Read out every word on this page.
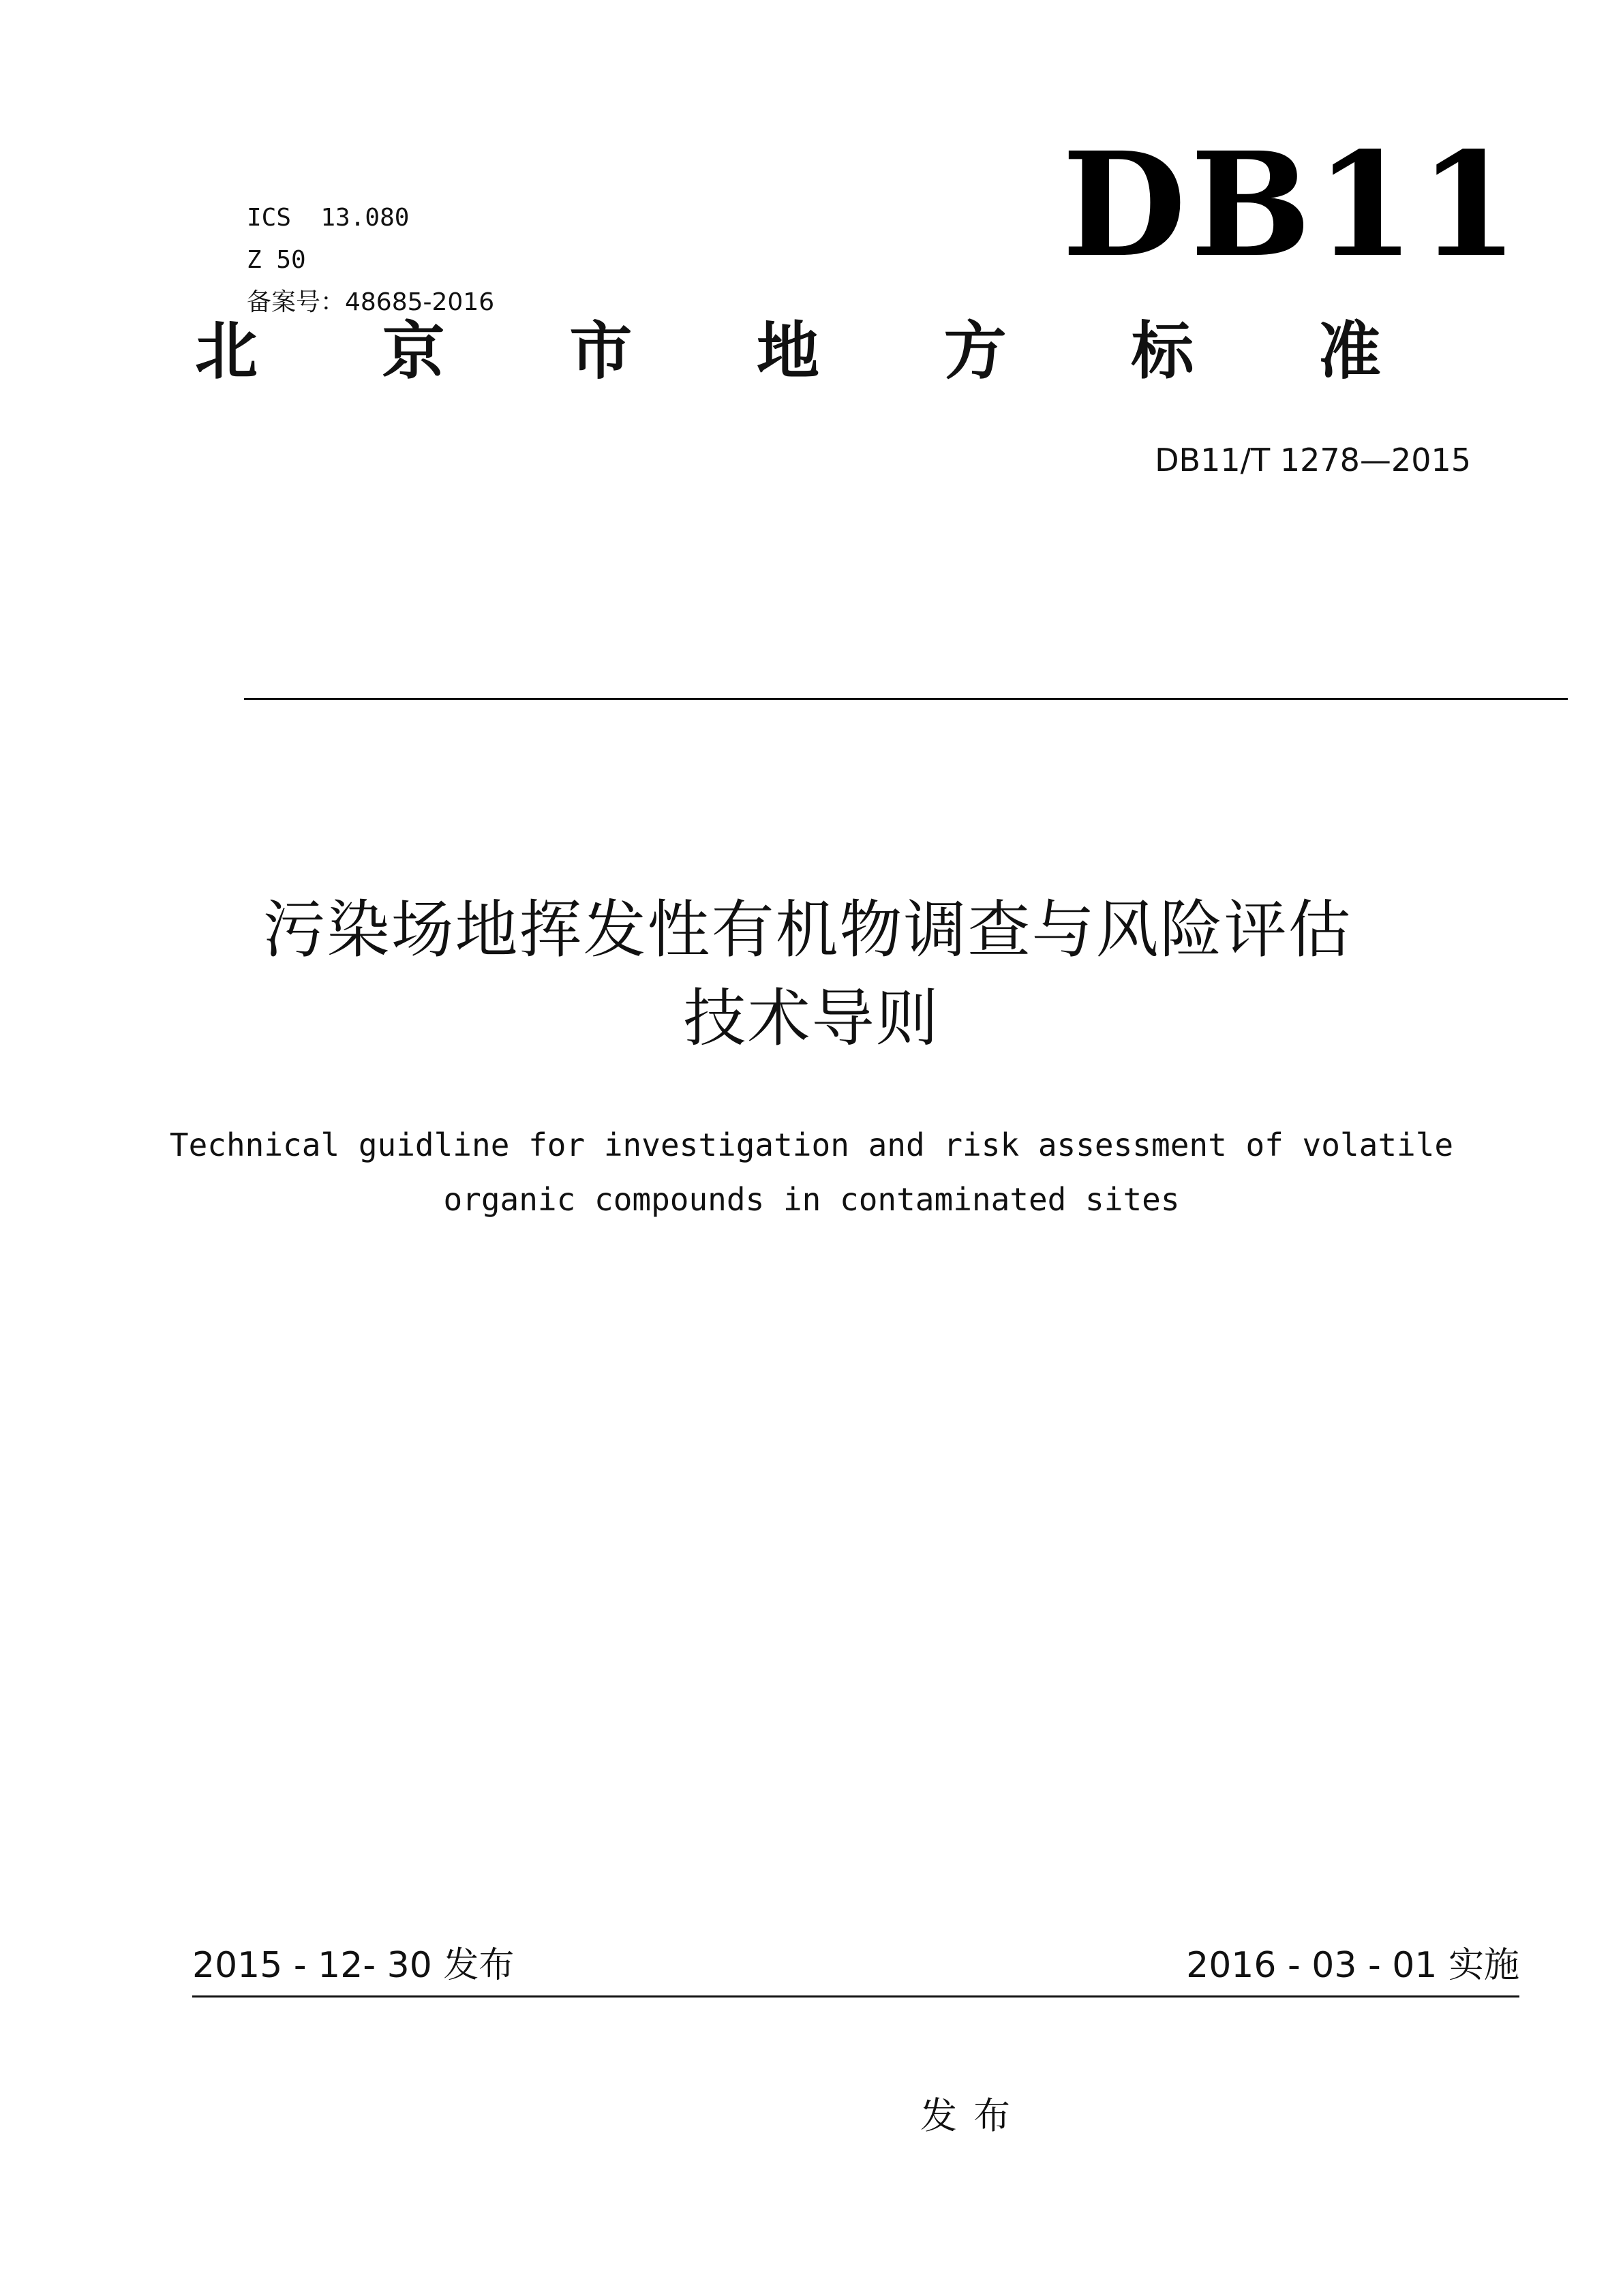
ICS  13.080
Z 50
备案号：48685-2016
DB11
北 京 市 地 方 标 准
DB11/T 1278—2015
污染场地挥发性有机物调查与风险评估
技术导则
Technical guidline for investigation and risk assessment of volatile
organic compounds in contaminated sites
2015 - 12- 30 发布	2016 - 03 - 01 实施
发布
